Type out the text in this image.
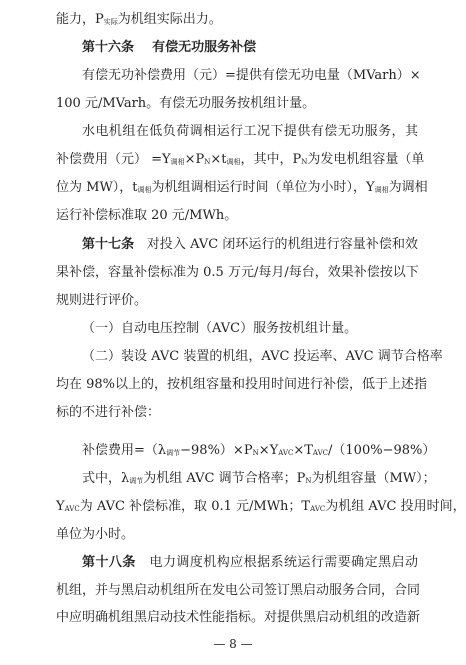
能力，P实际为机组实际出力。
第十六条 有偿无功服务补偿
有偿无功补偿费用（元）=提供有偿无功电量（MVarh）×
100 元/MVarh。有偿无功服务按机组计量。
水电机组在低负荷调相运行工况下提供有偿无功服务，其
补偿费用（元） =Y调相×PN×t调相，其中，PN为发电机组容量（单
位为 MW），t调相为机组调相运行时间（单位为小时），Y调相为调相
运行补偿标准取 20 元/MWh。
第十七条 对投入 AVC 闭环运行的机组进行容量补偿和效
果补偿，容量补偿标准为 0.5 万元/每月/每台，效果补偿按以下
规则进行评价。
（一）自动电压控制（AVC）服务按机组计量。
（二）装设 AVC 装置的机组，AVC 投运率、AVC 调节合格率
均在 98%以上的，按机组容量和投用时间进行补偿，低于上述指
标的不进行补偿：
补偿费用=（λ调节−98%）×PN×YAVC×TAVC/（100%−98%）
式中，λ调节为机组 AVC 调节合格率；PN为机组容量（MW）；
YAVC为 AVC 补偿标准，取 0.1 元/MWh；TAVC为机组 AVC 投用时间，
单位为小时。
第十八条 电力调度机构应根据系统运行需要确定黑启动
机组，并与黑启动机组所在发电公司签订黑启动服务合同，合同
中应明确机组黑启动技术性能指标。对提供黑启动机组的改造新
— 8 —
